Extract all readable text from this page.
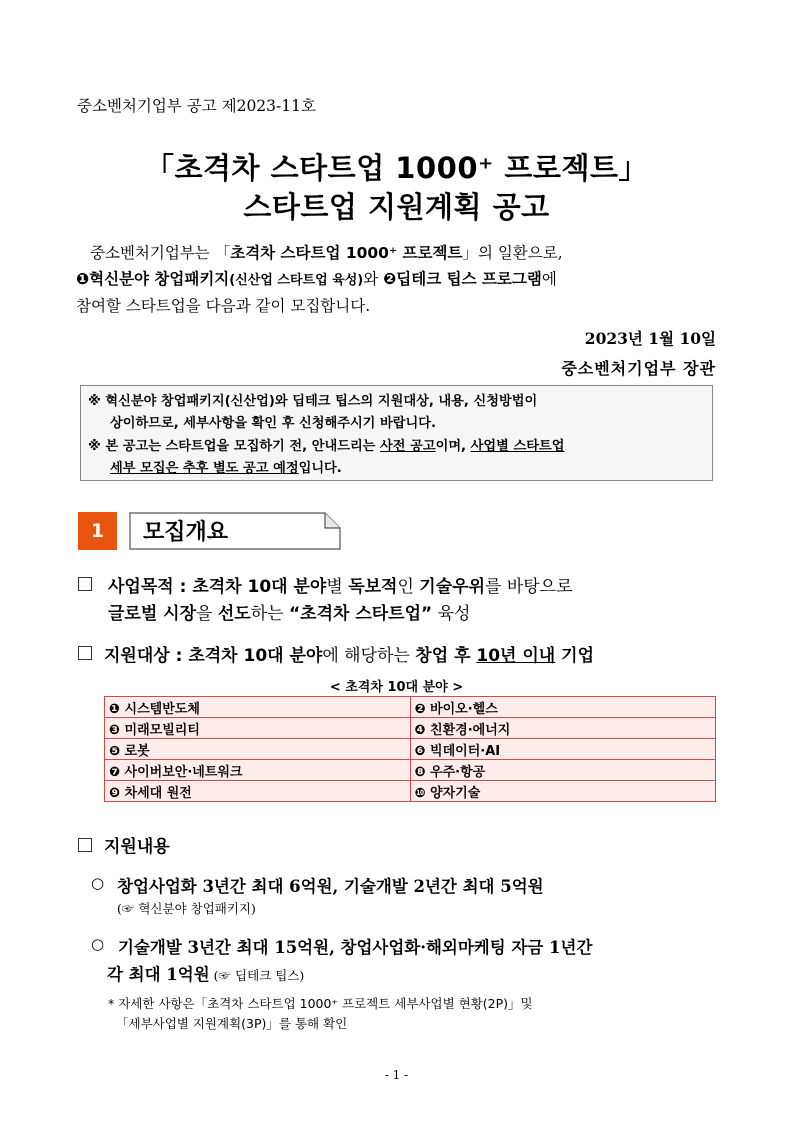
중소벤처기업부 공고 제2023-11호
「초격차 스타트업 1000⁺ 프로젝트」
스타트업 지원계획 공고
중소벤처기업부는 「초격차 스타트업 1000⁺ 프로젝트」의 일환으로,
❶혁신분야 창업패키지(신산업 스타트업 육성)와 ❷딥테크 팁스 프로그램에
참여할 스타트업을 다음과 같이 모집합니다.
2023년 1월 10일
중소벤처기업부 장관
※ 혁신분야 창업패키지(신산업)와 딥테크 팁스의 지원대상, 내용, 신청방법이
상이하므로, 세부사항을 확인 후 신청해주시기 바랍니다.
※ 본 공고는 스타트업을 모집하기 전, 안내드리는 사전 공고이며, 사업별 스타트업
세부 모집은 추후 별도 공고 예정입니다.
1	모집개요
사업목적 : 초격차 10대 분야별 독보적인 기술우위를 바탕으로
글로벌 시장을 선도하는 “초격차 스타트업” 육성
지원대상 : 초격차 10대 분야에 해당하는 창업 후 10년 이내 기업
< 초격차 10대 분야 >
❶ 시스템반도체	❷ 바이오·헬스
❸ 미래모빌리티	❹ 친환경·에너지
❺ 로봇	❻ 빅데이터·AI
❼ 사이버보안·네트워크	❽ 우주·항공
❾ 차세대 원전	❿ 양자기술
지원내용
○ 창업사업화 3년간 최대 6억원, 기술개발 2년간 최대 5억원
(☞ 혁신분야 창업패키지)
○ 기술개발 3년간 최대 15억원, 창업사업화·해외마케팅 자금 1년간
각 최대 1억원 (☞ 딥테크 팁스)
* 자세한 사항은「초격차 스타트업 1000⁺ 프로젝트 세부사업별 현황(2P)」및
「세부사업별 지원계획(3P)」를 통해 확인
- 1 -
